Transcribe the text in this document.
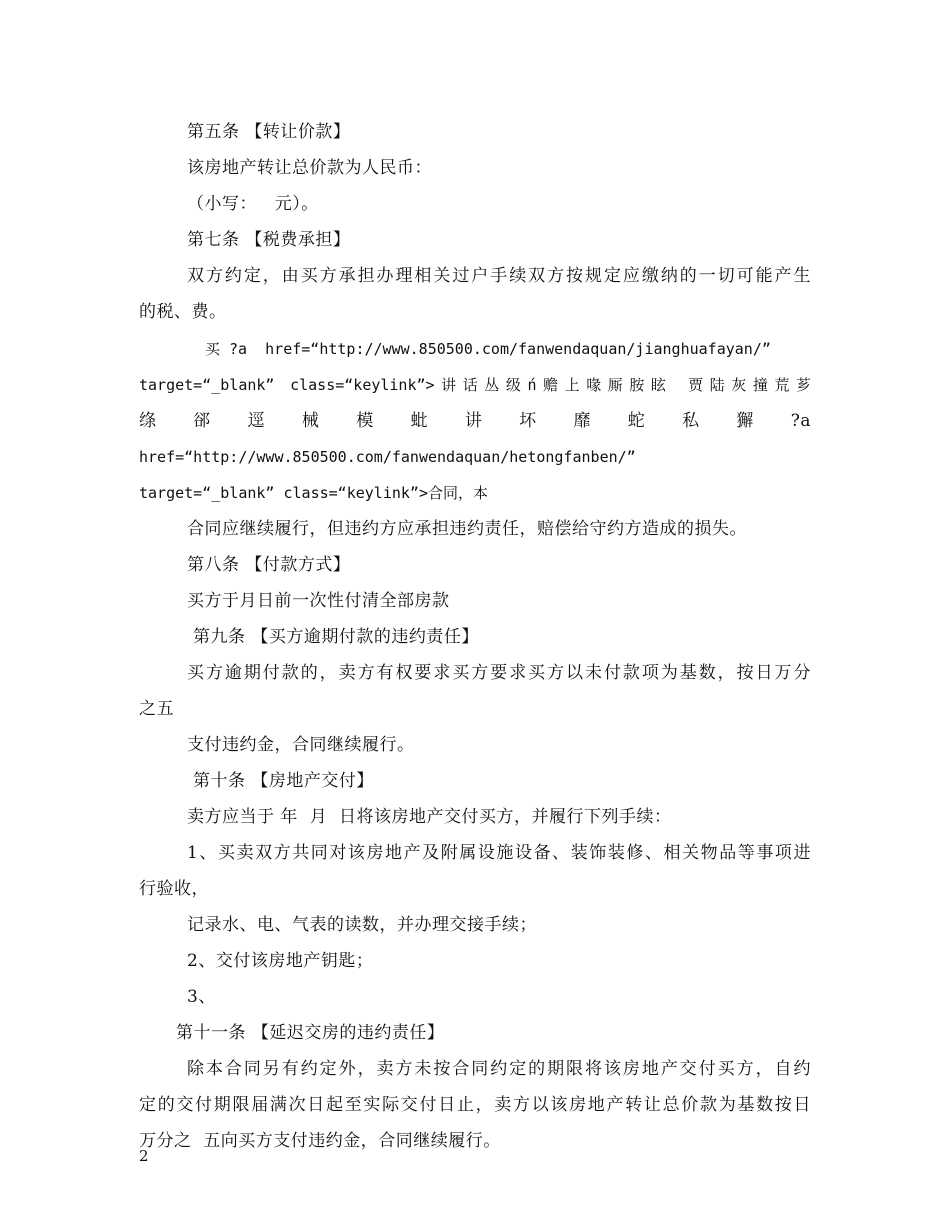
第五条 【转让价款】
该房地产转让总价款为人民币：
（小写：   元）。
第七条 【税费承担】
双方约定，由买方承担办理相关过户手续双方按规定应缴纳的一切可能产生
的税、费。
买 ?a  href=“http://www.850500.com/fanwendaquan/jianghuafayan/”
target=“_blank” class=“keylink”>讲话丛级ń赡上喙厮胺眩 贾陆灰撞荒芗
绦 郤 逕 械 模 蚍 讲 坏 靡 蛇 私 獬 ?a
href=“http://www.850500.com/fanwendaquan/hetongfanben/”
target=“_blank” class=“keylink”>合同，本
合同应继续履行，但违约方应承担违约责任，赔偿给守约方造成的损失。
第八条 【付款方式】
买方于月日前一次性付清全部房款
第九条 【买方逾期付款的违约责任】
买方逾期付款的，卖方有权要求买方要求买方以未付款项为基数，按日万分
之五
支付违约金，合同继续履行。
第十条 【房地产交付】
卖方应当于 年  月  日将该房地产交付买方，并履行下列手续：
1、买卖双方共同对该房地产及附属设施设备、装饰装修、相关物品等事项进
行验收，
记录水、电、气表的读数，并办理交接手续；
2、交付该房地产钥匙；
3、
第十一条 【延迟交房的违约责任】
除本合同另有约定外，卖方未按合同约定的期限将该房地产交付买方，自约
定的交付期限届满次日起至实际交付日止，卖方以该房地产转让总价款为基数按日
万分之  五向买方支付违约金，合同继续履行。
2
